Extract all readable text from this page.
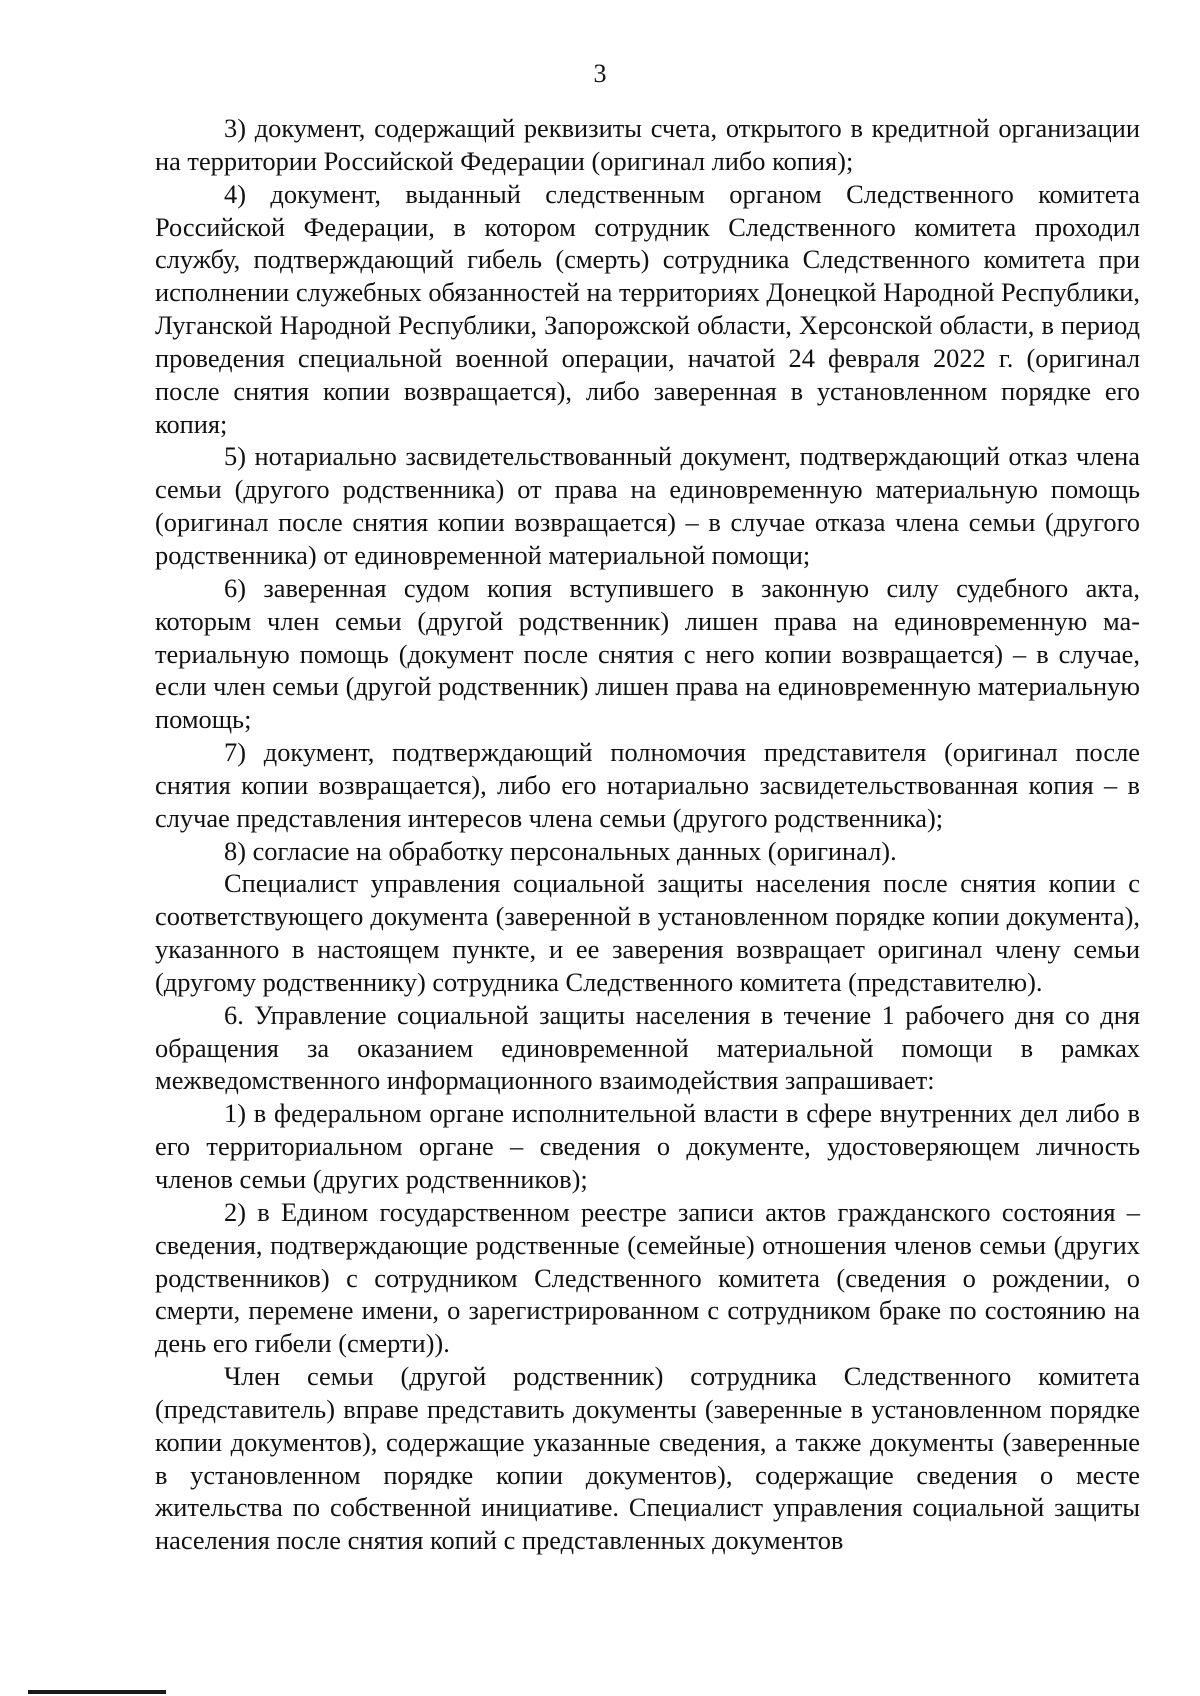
3

3) документ, содержащий реквизиты счета, открытого в кредитной организации на территории Российской Федерации (оригинал либо копия);

4) документ, выданный следственным органом Следственного комитета Российской Федерации, в котором сотрудник Следственного комитета проходил службу, подтверждающий гибель (смерть) сотрудника Следственного комитета при исполнении служебных обязанностей на территориях Донецкой Народной Республики, Луганской Народной Республики, Запорожской области, Херсонской области, в период проведения специальной военной операции, начатой 24 февраля 2022 г. (оригинал после снятия копии возвращается), либо заверенная в установленном порядке его копия;

5) нотариально засвидетельствованный документ, подтверждающий отказ члена семьи (другого родственника) от права на единовременную материальную помощь (оригинал после снятия копии возвращается) – в случае отказа члена семьи (другого родственника) от единовременной материальной помощи;

6) заверенная судом копия вступившего в законную силу судебного акта, которым член семьи (другой родственник) лишен права на единовременную материальную помощь (документ после снятия с него копии возвращается) – в случае, если член семьи (другой родственник) лишен права на единовременную материальную помощь;

7) документ, подтверждающий полномочия представителя (оригинал после снятия копии возвращается), либо его нотариально засвидетельствованная копия – в случае представления интересов члена семьи (другого родственника);

8) согласие на обработку персональных данных (оригинал).

Специалист управления социальной защиты населения после снятия копии с соответствующего документа (заверенной в установленном порядке копии документа), указанного в настоящем пункте, и ее заверения возвращает оригинал члену семьи (другому родственнику) сотрудника Следственного комитета (представителю).

6. Управление социальной защиты населения в течение 1 рабочего дня со дня обращения за оказанием единовременной материальной помощи в рамках межведомственного информационного взаимодействия запрашивает:

1) в федеральном органе исполнительной власти в сфере внутренних дел либо в его территориальном органе – сведения о документе, удостоверяющем личность членов семьи (других родственников);

2) в Едином государственном реестре записи актов гражданского состояния – сведения, подтверждающие родственные (семейные) отношения членов семьи (других родственников) с сотрудником Следственного комитета (сведения о рождении, о смерти, перемене имени, о зарегистрированном с сотрудником браке по состоянию на день его гибели (смерти)).

Член семьи (другой родственник) сотрудника Следственного комитета (представитель) вправе представить документы (заверенные в установленном порядке копии документов), содержащие указанные сведения, а также документы (заверенные в установленном порядке копии документов), содержащие сведения о месте жительства по собственной инициативе. Специалист управления социальной защиты населения после снятия копий с представленных документов
